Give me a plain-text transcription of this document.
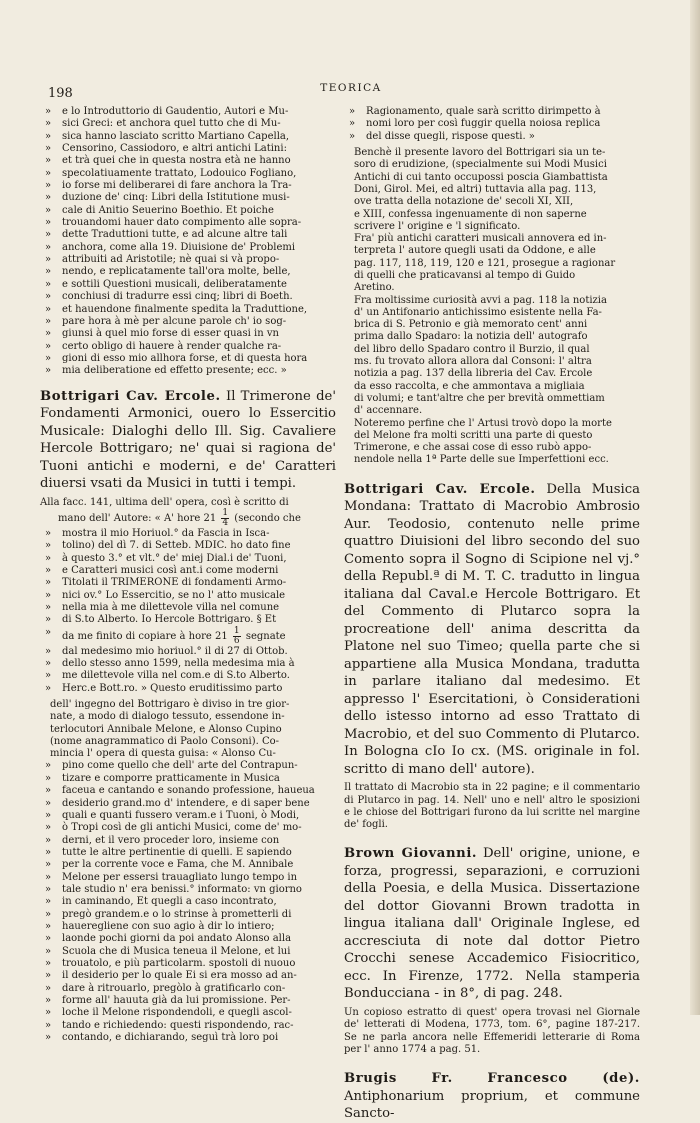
198	TEORICA
» e lo Introduttorio di Gaudentio, Autori e Mu-
» sici Greci: et anchora quel tutto che di Mu-
» sica hanno lasciato scritto Martiano Capella,
» Censorino, Cassiodoro, e altri antichi Latini:
» et trà quei che in questa nostra età ne hanno
» specolatiuamente trattato, Lodouico Fogliano,
» io forse mi deliberarei di fare anchora la Tra-
» duzione de' cinq: Libri della Istitutione musi-
» cale di Anitio Seuerino Boethio. Et poiche
» trouandomi hauer dato compimento alle sopra-
» dette Traduttioni tutte, e ad alcune altre tali
» anchora, come alla 19. Diuisione de' Problemi
» attribuiti ad Aristotile; nè quai si và propo-
» nendo, e replicatamente tall'ora molte, belle,
» e sottili Questioni musicali, deliberatamente
» conchiusi di tradurre essi cinq; libri di Boeth.
» et hauendone finalmente spedita la Traduttione,
» pare hora à mè per alcune parole ch' io sog-
» giunsi à quel mio forse di esser quasi in vn
» certo obligo di hauere à render qualche ra-
» gioni di esso mio allhora forse, et di questa hora
» mia deliberatione ed effetto presente; ecc. »
Bottrigari Cav. Ercole. Il Trimerone de' Fondamenti Armonici, ouero lo Essercitio Musicale: Dialoghi dello Ill. Sig. Cavaliere Hercole Bottrigaro; ne' quai si ragiona de' Tuoni antichi e moderni, e de' Caratteri diuersi vsati da Musici in tutti i tempi.
Alla facc. 141, ultima dell' opera, così è scritto di
mano dell' Autore: « A' hore $21 \frac{1}{4}$ (secondo che
» mostra il mio Horiuol.° da Fascia in Isca-
» tolino) del dì 7. di Setteb. MDIC. ho dato fine
» à questo 3.° et vlt.° de' miej Dial.i de' Tuoni,
» e Caratteri musici così ant.i come moderni
» Titolati il TRIMERONE di fondamenti Armo-
» nici ov.° Lo Essercitio, se no l' atto musicale
» nella mia à me dilettevole villa nel comune
» di S.to Alberto. Io Hercole Bottrigaro. § Et
» da me finito di copiare à hore $21 \frac{1}{6}$ segnate
» dal medesimo mio horiuol.° il di 27 di Ottob.
» dello stesso anno 1599, nella medesima mia à
» me dilettevole villa nel com.e di S.to Alberto.
» Herc.e Bott.ro. » Questo eruditissimo parto
dell' ingegno del Bottrigaro è diviso in tre gior-
nate, a modo di dialogo tessuto, essendone in-
terlocutori Annibale Melone, e Alonso Cupino
(nome anagrammatico di Paolo Consoni). Co-
mincia l' opera di questa guisa: « Alonso Cu-
» pino come quello che dell' arte del Contrapun-
» tizare e comporre pratticamente in Musica
» faceua e cantando e sonando professione, haueua
» desiderio grand.mo d' intendere, e di saper bene
» quali e quanti fussero veram.e i Tuoni, ò Modi,
» ò Tropi così de gli antichi Musici, come de' mo-
» derni, et il vero proceder loro, insieme con
» tutte le altre pertinentie di quelli. E sapiendo
» per la corrente voce e Fama, che M. Annibale
» Melone per essersi trauagliato lungo tempo in
» tale studio n' era benissi.° informato: vn giorno
» in caminando, Et quegli a caso incontrato,
» pregò grandem.e o lo strinse à prometterli di
» haueregliene con suo agio à dir lo intiero;
» laonde pochi giorni da poi andato Alonso alla
» Scuola che di Musica teneua il Melone, et lui
» trouatolo, e più particolarm. spostoli di nuouo
» il desiderio per lo quale Ei si era mosso ad an-
» dare à ritrouarlo, pregòlo à gratificarlo con-
» forme all' hauuta già da lui promissione. Per-
» loche il Melone rispondendoli, e quegli ascol-
» tando e richiedendo: questi rispondendo, rac-
» contando, e dichiarando, seguì trà loro poi
» Ragionamento, quale sarà scritto dirimpetto à
» nomi loro per così fuggir quella noiosa replica
» del disse quegli, rispose questi. »
Benchè il presente lavoro del Bottrigari sia un te-
soro di erudizione, (specialmente sui Modi Musici
Antichi di cui tanto occupossi poscia Giambattista
Doni, Girol. Mei, ed altri) tuttavia alla pag. 113,
ove tratta della notazione de' secoli XI, XII,
e XIII, confessa ingenuamente di non saperne
scrivere l' origine e 'l significato.
Fra' più antichi caratteri musicali annovera ed in-
terpreta l' autore quegli usati da Oddone, e alle
pag. 117, 118, 119, 120 e 121, prosegue a ragionar
di quelli che praticavansi al tempo di Guido
Aretino.
Fra moltissime curiosità avvi a pag. 118 la notizia
d' un Antifonario antichissimo esistente nella Fa-
brica di S. Petronio e già memorato cent' anni
prima dallo Spadaro: la notizia dell' autografo
del libro dello Spadaro contro il Burzio, il qual
ms. fu trovato allora allora dal Consoni: l' altra
notizia a pag. 137 della libreria del Cav. Ercole
da esso raccolta, e che ammontava a migliaia
di volumi; e tant'altre che per brevità ommettiam
d' accennare.
Noteremo perfine che l' Artusi trovò dopo la morte
del Melone fra molti scritti una parte di questo
Trimerone, e che assai cose di esso rubò appo-
nendole nella 1ª Parte delle sue Imperfettioni ecc.
Bottrigari Cav. Ercole. Della Musica Mondana: Trattato di Macrobio Ambrosio Aur. Teodosio, contenuto nelle prime quattro Diuisioni del libro secondo del suo Comento sopra il Sogno di Scipione nel vj.° della Republ.ª di M. T. C. tradutto in lingua italiana dal Caval.e Hercole Bottrigaro. Et del Commento di Plutarco sopra la procreatione dell' anima descritta da Platone nel suo Timeo; quella parte che si appartiene alla Musica Mondana, tradutta in parlare italiano dal medesimo. Et appresso l' Esercitationi, ò Considerationi dello istesso intorno ad esso Trattato di Macrobio, et del suo Commento di Plutarco. In Bologna cIo Io cx. (MS. originale in fol. scritto di mano dell' autore).
Il trattato di Macrobio sta in 22 pagine; e il commentario di Plutarco in pag. 14. Nell' uno e nell' altro le sposizioni e le chiose del Bottrigari furono da lui scritte nel margine de' fogli.
Brown Giovanni. Dell' origine, unione, e forza, progressi, separazioni, e corruzioni della Poesia, e della Musica. Dissertazione del dottor Giovanni Brown tradotta in lingua italiana dall' Originale Inglese, ed accresciuta di note dal dottor Pietro Crocchi senese Accademico Fisiocritico, ecc. In Firenze, 1772. Nella stamperia Bonducciana - in 8°, di pag. 248.
Un copioso estratto di quest' opera trovasi nel Giornale de' letterati di Modena, 1773, tom. 6°, pagine 187-217. Se ne parla ancora nelle Effemeridi letterarie di Roma per l' anno 1774 a pag. 51.
Brugis Fr. Francesco (de). Antiphonarium proprium, et commune Sancto-
